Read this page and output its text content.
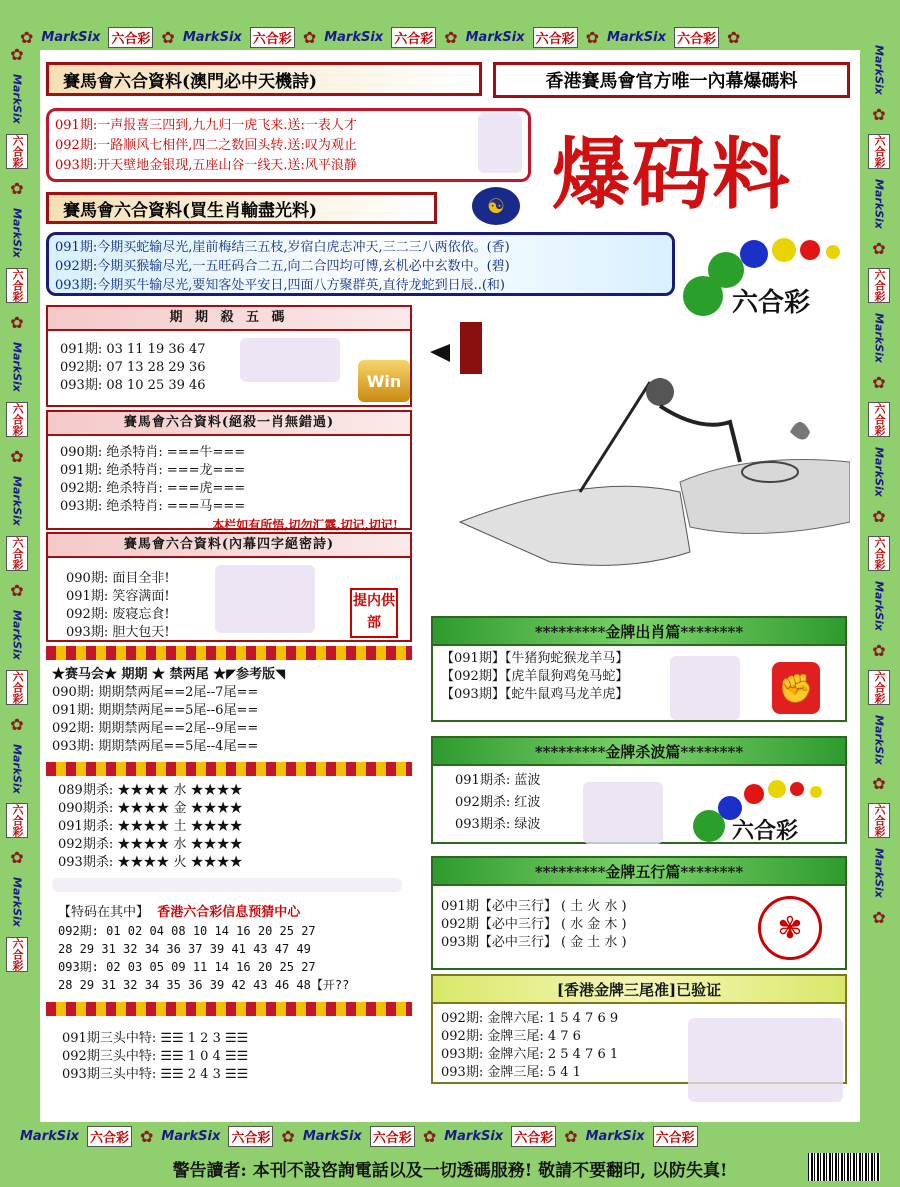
✿ MarkSix 六合彩 ✿ MarkSix 六合彩 ✿ MarkSix 六合彩 ✿ MarkSix 六合彩 ✿ MarkSix 六合彩 ✿
MarkSix 六合彩 ✿ MarkSix 六合彩 ✿ MarkSix 六合彩 ✿ MarkSix 六合彩 ✿ MarkSix 六合彩
✿
MarkSix
六合彩
✿
MarkSix
六合彩
✿
MarkSix
六合彩
✿
MarkSix
六合彩
✿
MarkSix
六合彩
✿
MarkSix
六合彩
✿
MarkSix
六合彩
MarkSix
✿
六合彩
MarkSix
✿
六合彩
MarkSix
✿
六合彩
MarkSix
✿
六合彩
MarkSix
✿
六合彩
MarkSix
✿
六合彩
MarkSix
✿
賽馬會六合資料(澳門必中天機詩)	香港賽馬會官方唯一內幕爆碼料
091期:一声报喜三四到,九九归一虎飞来.送:一表人才
092期:一路顺风七相伴,四二之数回头转.送:叹为观止
093期:开天壁地金银现,五座山谷一线天.送:风平浪静	爆码料
賽馬會六合資料(買生肖輸盡光料)	☯
091期:今期买蛇输尽光,崖前梅结三五枝,岁宿白虎志冲天,三二三八两依依。(香)
092期:今期买猴输尽光,一五旺码合二五,向二合四均可博,玄机必中玄数中。(碧)
093期:今期买牛输尽光,要知客处平安日,四面八方聚群英,直待龙蛇到日辰..(和)
六合彩
期 期 殺 五 碼
091期: 03 11 19 36 47
092期: 07 13 28 29 36
093期: 08 10 25 39 46	Win
賽馬會六合資料(絕殺一肖無錯過)
090期: 绝杀特肖: ===牛===
091期: 绝杀特肖: ===龙===
092期: 绝杀特肖: ===虎===
093期: 绝杀特肖: ===马===
本栏如有所悟,切勿汇露,切记,切记!
賽馬會六合資料(內幕四字絕密詩)
090期: 面目全非!
091期: 笑容满面!
092期: 废寝忘食!
093期: 胆大包天!
提内供部
★赛马会★ 期期 ★ 禁两尾 ★◤参考版◥
090期: 期期禁两尾==2尾--7尾==
091期: 期期禁两尾==5尾--6尾==
092期: 期期禁两尾==2尾--9尾==
093期: 期期禁两尾==5尾--4尾==
089期杀: ★★★★ 水 ★★★★
090期杀: ★★★★ 金 ★★★★
091期杀: ★★★★ 土 ★★★★
092期杀: ★★★★ 水 ★★★★
093期杀: ★★★★ 火 ★★★★
【特码在其中】 香港六合彩信息预猜中心
092期: 01 02 04 08 10 14 16 20 25 27
28 29 31 32 34 36 37 39 41 43 47 49
093期: 02 03 05 09 11 14 16 20 25 27
28 29 31 32 34 35 36 39 42 43 46 48【开??
091期三头中特: ☰☰ 1 2 3 ☰☰
092期三头中特: ☰☰ 1 0 4 ☰☰
093期三头中特: ☰☰ 2 4 3 ☰☰
*********金牌出肖篇********
【091期】【牛猪狗蛇猴龙羊马】
【092期】【虎羊鼠狗鸡兔马蛇】
【093期】【蛇牛鼠鸡马龙羊虎】	✊
*********金牌杀波篇********
091期杀: 蓝波
092期杀: 红波
093期杀: 绿波	六合彩
*********金牌五行篇********
091期【必中三行】 ( 土 火 水 )
092期【必中三行】 ( 水 金 木 )
093期【必中三行】 ( 金 土 水 )	✾
[香港金牌三尾准]已验证
092期: 金牌六尾: 1 5 4 7 6 9
092期: 金牌三尾: 4 7 6
093期: 金牌六尾: 2 5 4 7 6 1
093期: 金牌三尾: 5 4 1
警告讀者: 本刊不設咨詢電話以及一切透碼服務! 敬請不要翻印, 以防失真!
